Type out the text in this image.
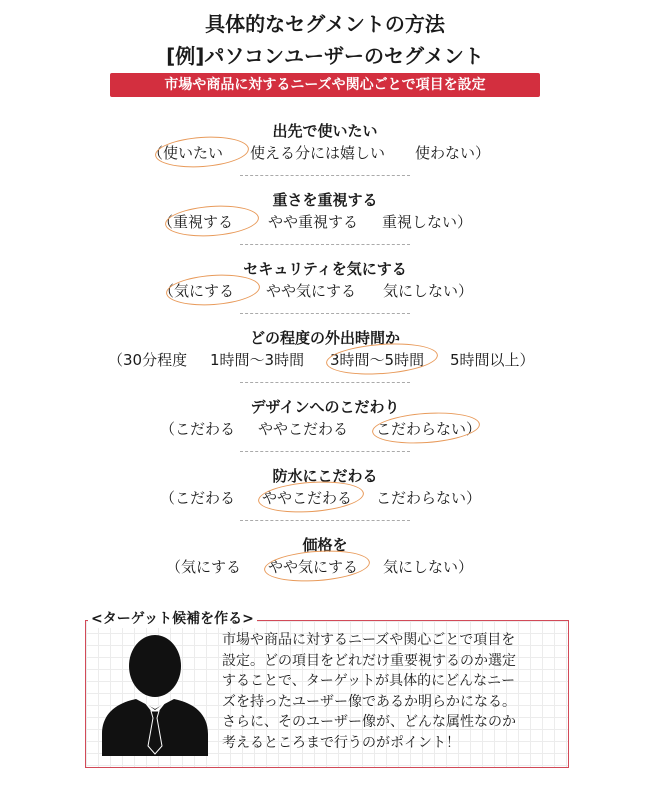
具体的なセグメントの方法
[例]パソコンユーザーのセグメント
市場や商品に対するニーズや関心ごとで項目を設定
出先で使いたい
（使いたい 使える分には嬉しい 使わない）
重さを重視する
（重視する やや重視する 重視しない）
セキュリティを気にする
（気にする やや気にする 気にしない）
どの程度の外出時間か
（30分程度 1時間～3時間 3時間～5時間 5時間以上）
デザインへのこだわり
（こだわる ややこだわる こだわらない）
防水にこだわる
（こだわる ややこだわる こだわらない）
価格を
（気にする やや気にする 気にしない）
<ターゲット候補を作る>
市場や商品に対するニーズや関心ごとで項目を
設定。どの項目をどれだけ重要視するのか選定
することで、ターゲットが具体的にどんなニー
ズを持ったユーザー像であるか明らかになる。
さらに、そのユーザー像が、どんな属性なのか
考えるところまで行うのがポイント！
